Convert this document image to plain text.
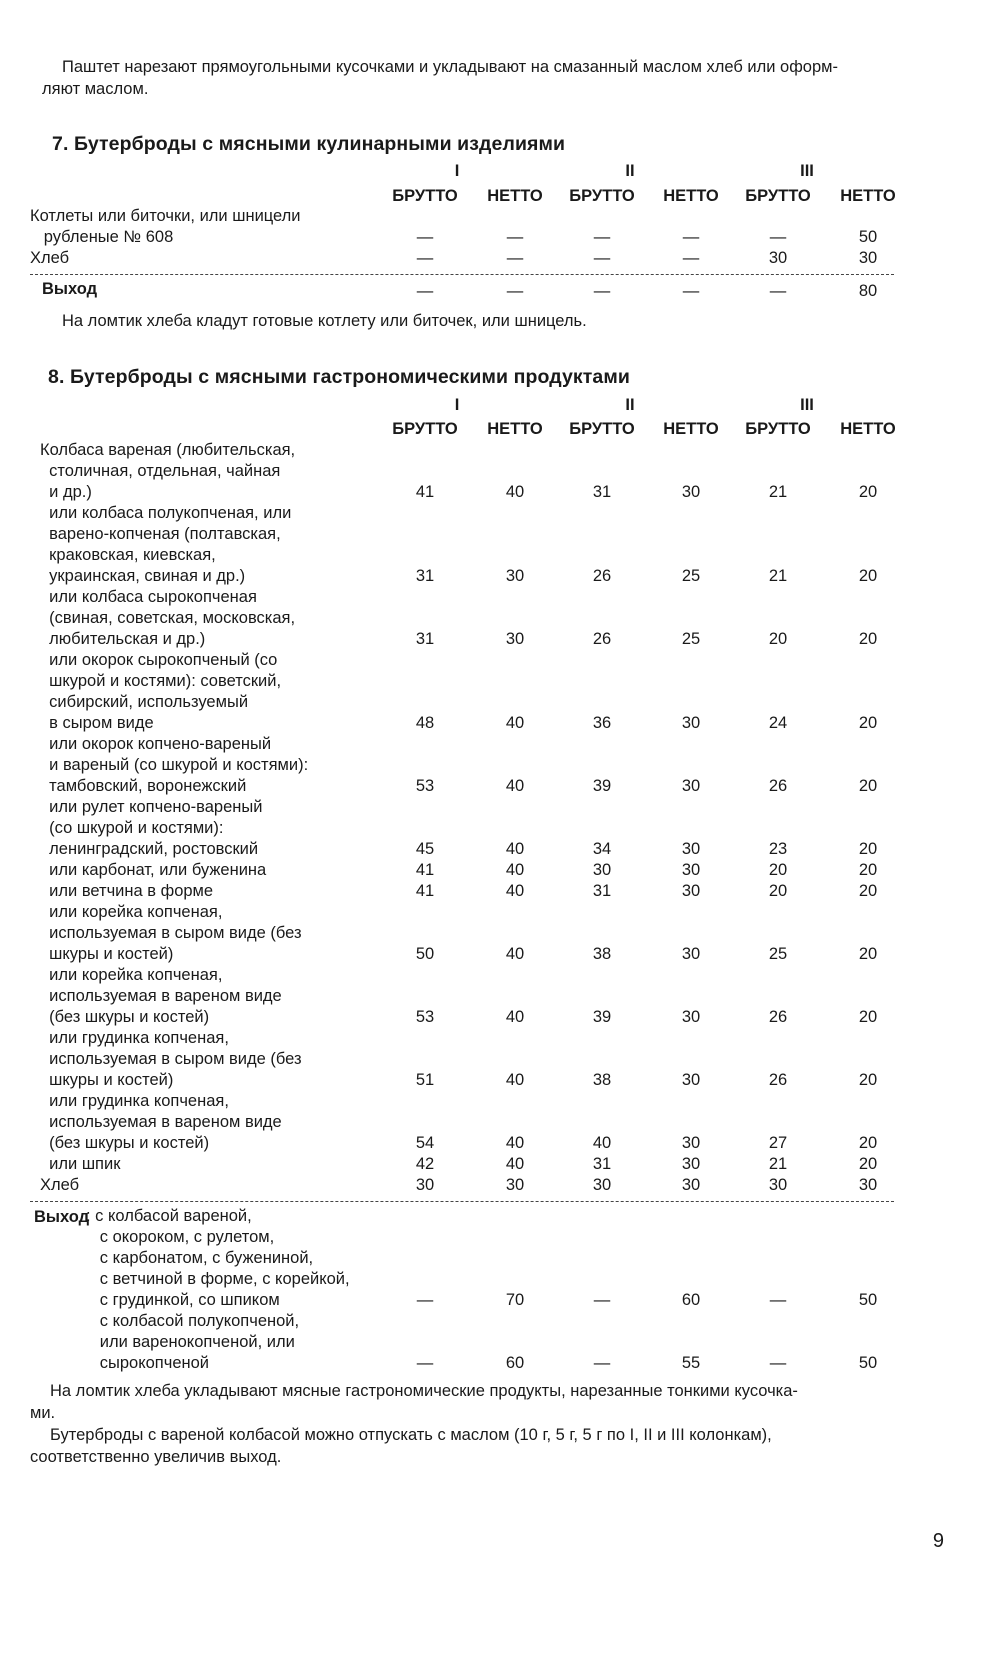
Паштет нарезают прямоугольными кусочками и укладывают на смазанный маслом хлеб или оформ-

ляют маслом.

7. Бутерброды с мясными кулинарными изделиями
I	II	III
БРУТТО	НЕТТО	БРУТТО	НЕТТО	БРУТТО	НЕТТО
Котлеты или биточки, или шницели
рубленые № 608	—	—	—	—	—	50
Хлеб	—	—	—	—	30	30
Выход	—	—	—	—	—	80

На ломтик хлеба кладут готовые котлету или биточек, или шницель.

8. Бутерброды с мясными гастрономическими продуктами
I	II	III
БРУТТО	НЕТТО	БРУТТО	НЕТТО	БРУТТО	НЕТТО
Колбаса вареная (любительская,
столичная, отдельная, чайная
и др.)	41	40	31	30	21	20
или колбаса полукопченая, или
варено-копченая (полтавская,
краковская, киевская,
украинская, свиная и др.)	31	30	26	25	21	20
или колбаса сырокопченая
(свиная, советская, московская,
любительская и др.)	31	30	26	25	20	20
или окорок сырокопченый (со
шкурой и костями): советский,
сибирский, используемый
в сыром виде	48	40	36	30	24	20
или окорок копчено-вареный
и вареный (со шкурой и костями):
тамбовский, воронежский	53	40	39	30	26	20
или рулет копчено-вареный
(со шкурой и костями):
ленинградский, ростовский	45	40	34	30	23	20
или карбонат, или буженина	41	40	30	30	20	20
или ветчина в форме	41	40	31	30	20	20
или корейка копченая,
используемая в сыром виде (без
шкуры и костей)	50	40	38	30	25	20
или корейка копченая,
используемая в вареном виде
(без шкуры и костей)	53	40	39	30	26	20
или грудинка копченая,
используемая в сыром виде (без
шкуры и костей)	51	40	38	30	26	20
или грудинка копченая,
используемая в вареном виде
(без шкуры и костей)	54	40	40	30	27	20
или шпик	42	40	31	30	21	20
Хлеб	30	30	30	30	30	30
Выход
: с колбасой вареной,
с окороком, с рулетом,
с карбонатом, с бужениной,
с ветчиной в форме, с корейкой,
с грудинкой, со шпиком	—	70	—	60	—	50
с колбасой полукопченой,
или варенокопченой, или
сырокопченой	—	60	—	55	—	50

На ломтик хлеба укладывают мясные гастрономические продукты, нарезанные тонкими кусочка-

ми.

Бутерброды с вареной колбасой можно отпускать с маслом (10 г, 5 г, 5 г по I, II и III колонкам),

соответственно увеличив выход.

9
